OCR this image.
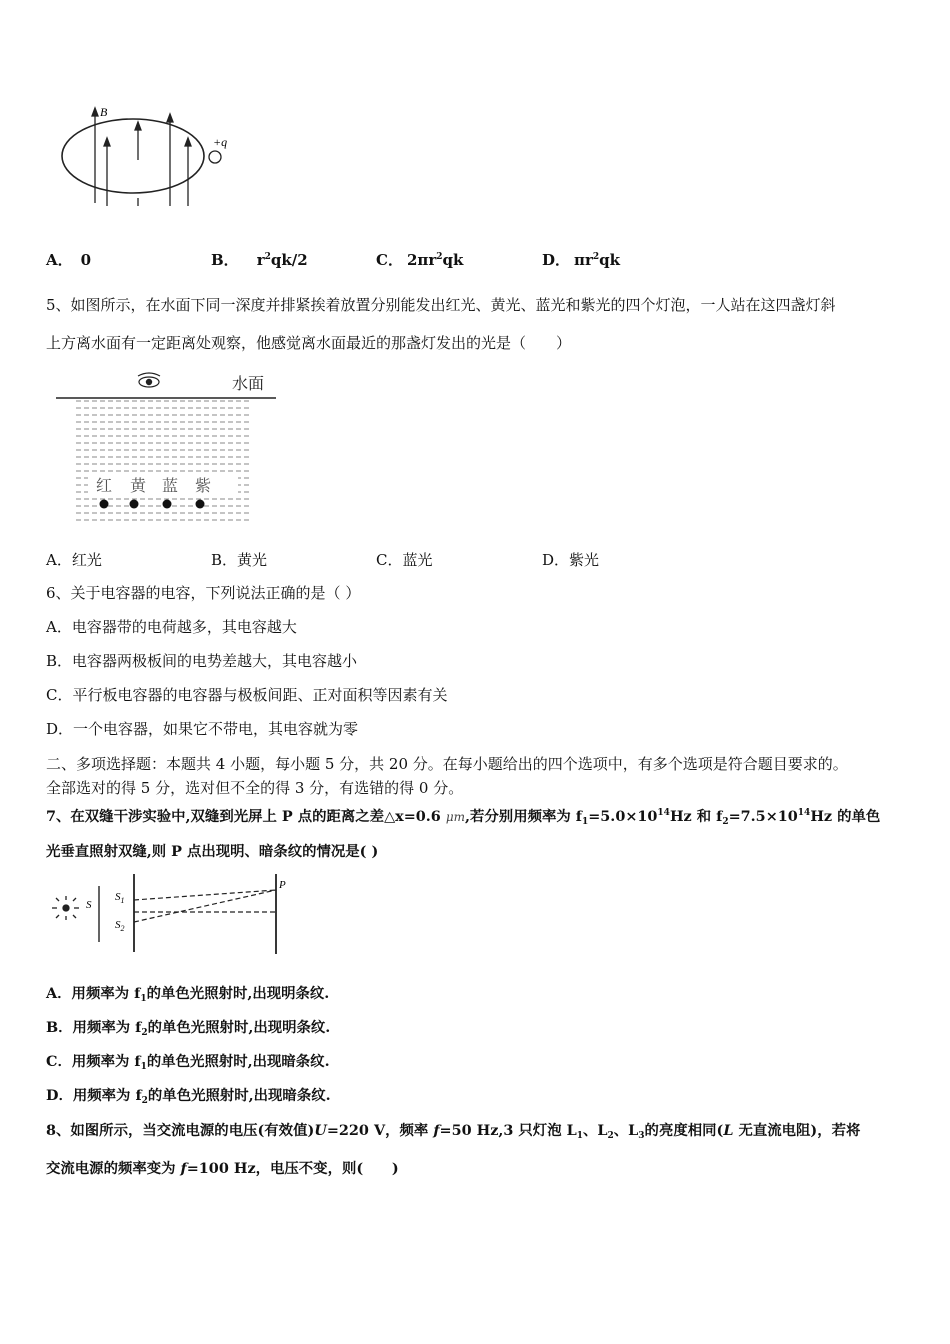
B
+q
A． 0	B． $r^2qk/2$	C． $2\pi r^2qk$	D． $\pi r^2qk$
5、如图所示，在水面下同一深度并排紧挨着放置分别能发出红光、黄光、蓝光和紫光的四个灯泡，一人站在这四盏灯斜
上方离水面有一定距离处观察，他感觉离水面最近的那盏灯发出的光是（　　）
水面
红 黄 蓝 紫
A．红光	B．黄光	C．蓝光	D．紫光
6、关于电容器的电容，下列说法正确的是（ ）
A．电容器带的电荷越多，其电容越大
B．电容器两极板间的电势差越大，其电容越小
C．平行板电容器的电容器与极板间距、正对面积等因素有关
D．一个电容器，如果它不带电，其电容就为零
二、多项选择题：本题共 4 小题，每小题 5 分，共 20 分。在每小题给出的四个选项中，有多个选项是符合题目要求的。
全部选对的得 5 分，选对但不全的得 3 分，有选错的得 0 分。
7、在双缝干涉实验中,双缝到光屏上 P 点的距离之差△x=0.6 μm,若分别用频率为 $f_1=5.0\times 10^{14}Hz$ 和 $f_2=7.5\times 10^{14}Hz$ 的单色
光垂直照射双缝,则 P 点出现明、暗条纹的情况是( )
S
$S_1$
$S_2$
P
A．用频率为 $f_1$的单色光照射时,出现明条纹.
B．用频率为 $f_2$的单色光照射时,出现明条纹.
C．用频率为 $f_1$的单色光照射时,出现暗条纹.
D．用频率为 $f_2$的单色光照射时,出现暗条纹.
8、如图所示，当交流电源的电压(有效值)U=220 V，频率 f=50 Hz,3 只灯泡 $L_1$、$L_2$、$L_3$的亮度相同(L 无直流电阻)，若将
交流电源的频率变为 f=100 Hz，电压不变，则(　　)
